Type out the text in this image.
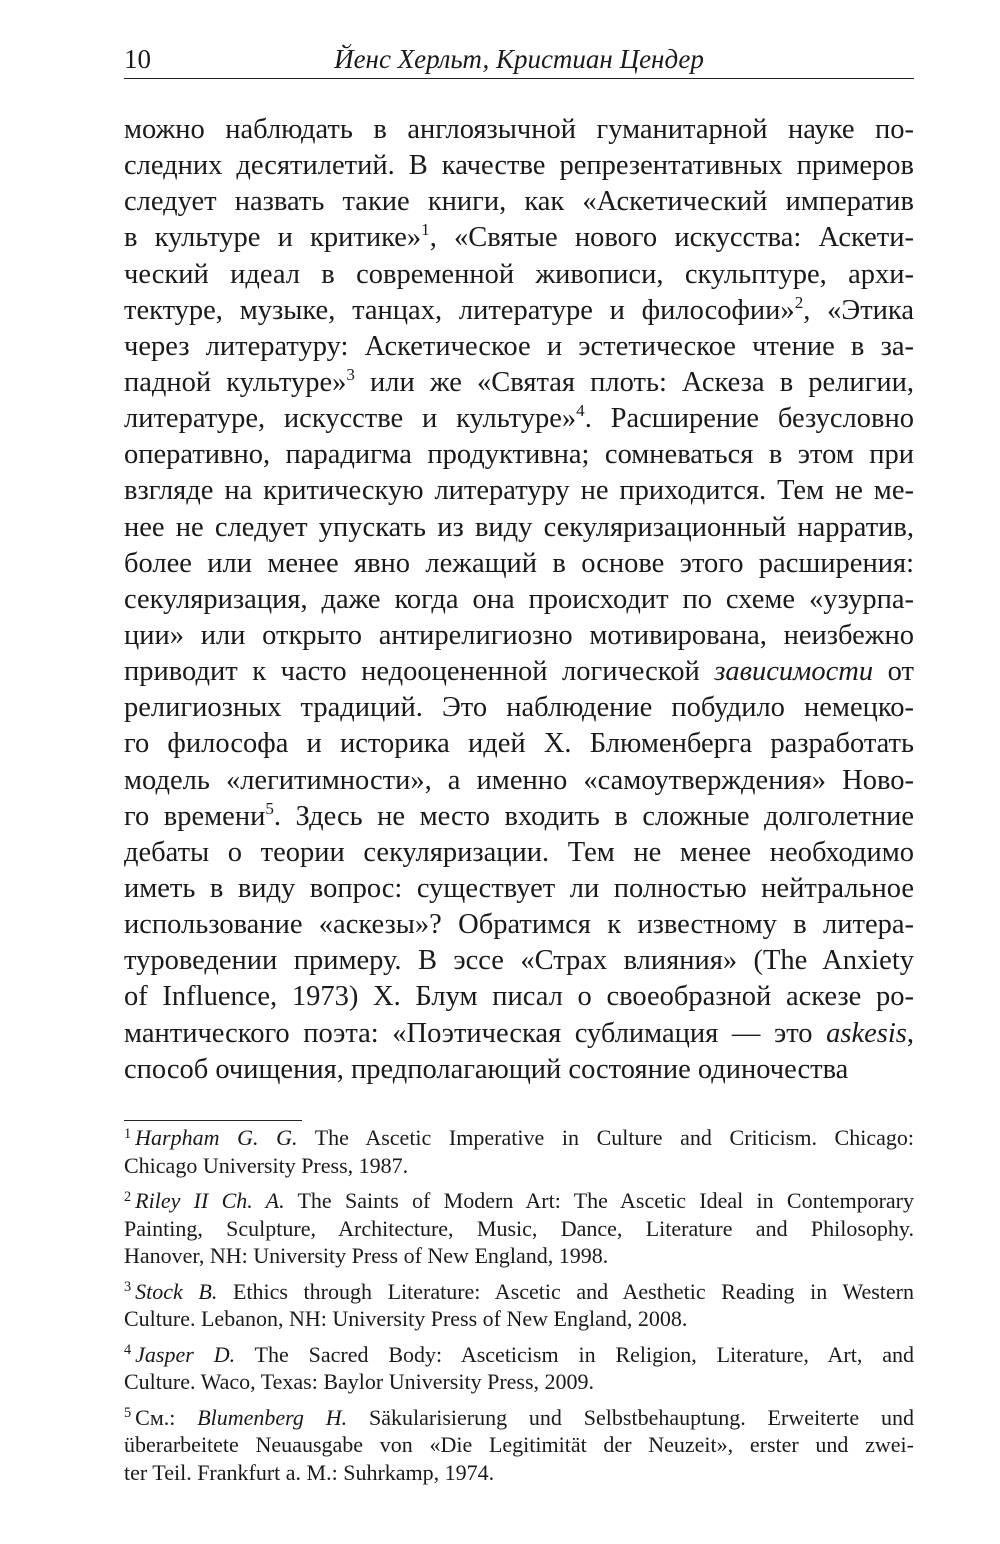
10	Йенс Херльт, Кристиан Цендер
можно наблюдать в англоязычной гуманитарной науке по-
следних десятилетий. В качестве репрезентативных примеров
следует назвать такие книги, как «Аскетический императив
в культуре и критике»$^1$, «Святые нового искусства: Аскети-
ческий идеал в современной живописи, скульптуре, архи-
тектуре, музыке, танцах, литературе и философии»$^2$, «Этика
через литературу: Аскетическое и эстетическое чтение в за-
падной культуре»$^3$ или же «Святая плоть: Аскеза в религии,
литературе, искусстве и культуре»$^4$. Расширение безусловно
оперативно, парадигма продуктивна; сомневаться в этом при
взгляде на критическую литературу не приходится. Тем не ме-
нее не следует упускать из виду секуляризационный нарратив,
более или менее явно лежащий в основе этого расширения:
секуляризация, даже когда она происходит по схеме «узурпа-
ции» или открыто антирелигиозно мотивирована, неизбежно
приводит к часто недооцененной логической зависимости от
религиозных традиций. Это наблюдение побудило немецко-
го философа и историка идей Х. Блюменберга разработать
модель «легитимности», а именно «самоутверждения» Ново-
го времени$^5$. Здесь не место входить в сложные долголетние
дебаты о теории секуляризации. Тем не менее необходимо
иметь в виду вопрос: существует ли полностью нейтральное
использование «аскезы»? Обратимся к известному в литера-
туроведении примеру. В эссе «Страх влияния» (The Anxiety
of Influence, 1973) Х. Блум писал о своеобразной аскезе ро-
мантического поэта: «Поэтическая сублимация — это askesis,
способ очищения, предполагающий состояние одиночества
$^1$ Harpham G. G. The Ascetic Imperative in Culture and Criticism. Chicago:
Chicago University Press, 1987.
$^2$ Riley II Ch. A. The Saints of Modern Art: The Ascetic Ideal in Contemporary
Painting, Sculpture, Architecture, Music, Dance, Literature and Philosophy.
Hanover, NH: University Press of New England, 1998.
$^3$ Stock B. Ethics through Literature: Ascetic and Aesthetic Reading in Western
Culture. Lebanon, NH: University Press of New England, 2008.
$^4$ Jasper D. The Sacred Body: Asceticism in Religion, Literature, Art, and
Culture. Waco, Texas: Baylor University Press, 2009.
$^5$ См.: Blumenberg H. Säkularisierung und Selbstbehauptung. Erweiterte und
überarbeitete Neuausgabe von «Die Legitimität der Neuzeit», erster und zwei-
ter Teil. Frankfurt a. M.: Suhrkamp, 1974.
